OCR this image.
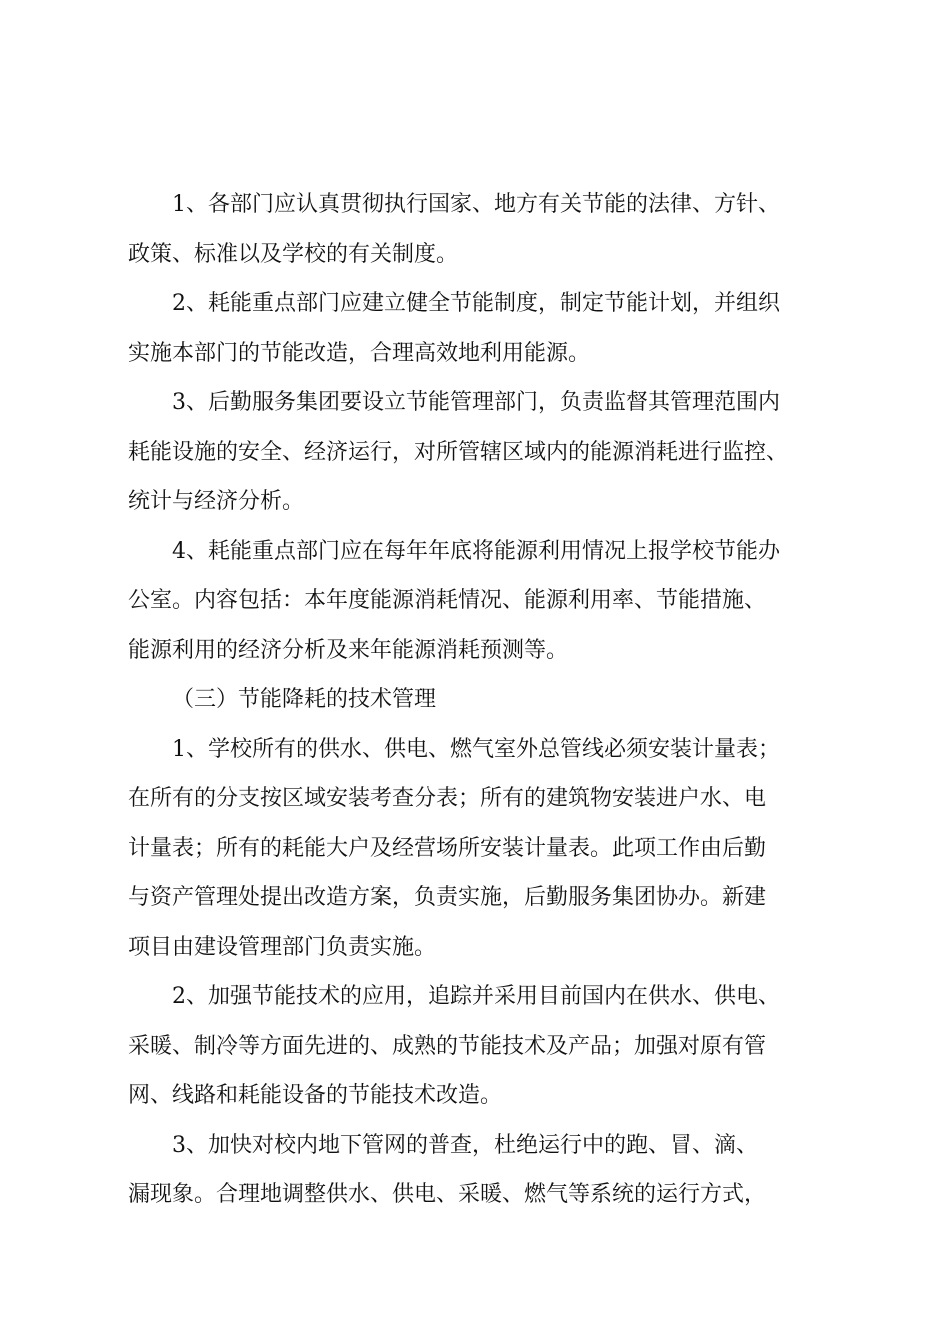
1、各部门应认真贯彻执行国家、地方有关节能的法律、方针、
政策、标准以及学校的有关制度。
2、耗能重点部门应建立健全节能制度，制定节能计划，并组织
实施本部门的节能改造，合理高效地利用能源。
3、后勤服务集团要设立节能管理部门，负责监督其管理范围内
耗能设施的安全、经济运行，对所管辖区域内的能源消耗进行监控、
统计与经济分析。
4、耗能重点部门应在每年年底将能源利用情况上报学校节能办
公室。内容包括：本年度能源消耗情况、能源利用率、节能措施、
能源利用的经济分析及来年能源消耗预测等。
（三）节能降耗的技术管理
1、学校所有的供水、供电、燃气室外总管线必须安装计量表；
在所有的分支按区域安装考查分表；所有的建筑物安装进户水、电
计量表；所有的耗能大户及经营场所安装计量表。此项工作由后勤
与资产管理处提出改造方案，负责实施，后勤服务集团协办。新建
项目由建设管理部门负责实施。
2、加强节能技术的应用，追踪并采用目前国内在供水、供电、
采暖、制冷等方面先进的、成熟的节能技术及产品；加强对原有管
网、线路和耗能设备的节能技术改造。
3、加快对校内地下管网的普查，杜绝运行中的跑、冒、滴、
漏现象。合理地调整供水、供电、采暖、燃气等系统的运行方式，
